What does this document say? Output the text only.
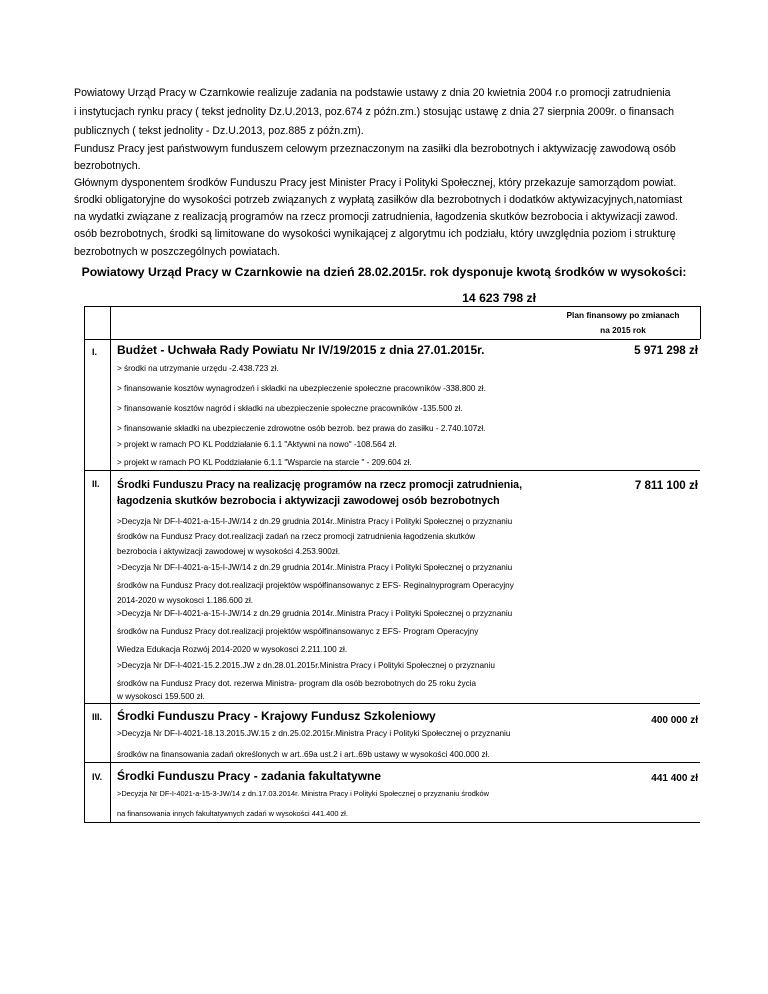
Powiatowy Urząd Pracy w Czarnkowie realizuje zadania na podstawie ustawy z dnia 20 kwietnia 2004 r.o promocji zatrudnienia

i instytucjach rynku pracy ( tekst jednolity Dz.U.2013, poz.674 z późn.zm.) stosując ustawę z dnia 27 sierpnia 2009r. o finansach

publicznych ( tekst jednolity - Dz.U.2013, poz.885 z późn.zm).

Fundusz Pracy jest państwowym funduszem celowym przeznaczonym na zasiłki dla bezrobotnych i aktywizację zawodową osób

bezrobotnych.

Głównym dysponentem środków Funduszu Pracy jest Minister Pracy i Polityki Społecznej, który przekazuje samorządom powiat.

środki obligatoryjne do wysokości potrzeb związanych z wypłatą zasiłków dla bezrobotnych i dodatków aktywizacyjnych,natomiast

na wydatki związane z realizacją programów na rzecz promocji zatrudnienia, łagodzenia skutków bezrobocia i aktywizacji zawod.

osób bezrobotnych, środki są limitowane do wysokości wynikającej z algorytmu ich podziału, który uwzględnia poziom i strukturę

bezrobotnych w poszczególnych powiatach.

Powiatowy Urząd Pracy w Czarnkowie na dzień 28.02.2015r. rok dysponuje kwotą środków w wysokości:
14 623 798 zł
Plan finansowy po zmianach
na 2015 rok
I. Budżet - Uchwała Rady Powiatu Nr IV/19/2015 z dnia 27.01.2015r.	5 971 298 zł
> środki na utrzymanie urzędu -2.438.723 zł.
> finansowanie kosztów wynagrodzeń i składki na ubezpieczenie społeczne pracowników -338.800 zł.
> finansowanie kosztów nagród i składki na ubezpieczenie społeczne pracowników -135.500 zł.
> finansowanie składki na ubezpieczenie zdrowotne osób bezrob. bez prawa do zasiłku - 2.740.107zł.
> projekt w ramach PO KL Poddziałanie 6.1.1 "Aktywni na nowo" -108.564 zł.
> projekt w ramach PO KL Poddziałanie 6.1.1 "Wsparcie na starcie " - 209.604 zł.
II. Środki Funduszu Pracy na realizację programów na rzecz promocji zatrudnienia,
łagodzenia skutków bezrobocia i aktywizacji zawodowej osób bezrobotnych
7 811 100 zł
>Decyzja Nr DF-I-4021-a-15-I-JW/14 z dn.29 grudnia 2014r..Ministra Pracy i Polityki Społecznej o przyznaniu
środków na Fundusz Pracy dot.realizacji zadań na rzecz promocji zatrudnienia łagodzenia skutków
bezrobocia i aktywizacji zawodowej w wysokości 4.253.900zł.
>Decyzja Nr DF-I-4021-a-15-I-JW/14 z dn.29 grudnia 2014r..Ministra Pracy i Polityki Społecznej o przyznaniu
środków na Fundusz Pracy dot.realizacji projektów współfinansowanyc z EFS- Reginalnyprogram Operacyjny
2014-2020 w wysokosci 1.186.600 zł.
>Decyzja Nr DF-I-4021-a-15-I-JW/14 z dn.29 grudnia 2014r..Ministra Pracy i Polityki Społecznej o przyznaniu
środków na Fundusz Pracy dot.realizacji projektów współfinansowanyc z EFS- Program Operacyjny
Wiedza Edukacja Rozwój 2014-2020 w wysokosci 2.211.100 zł.
>Decyzja Nr DF-I-4021-15.2.2015.JW z dn.28.01.2015r.Ministra Pracy i Polityki Społecznej o przyznaniu
środków na Fundusz Pracy dot. rezerwa Ministra- program dla osób bezrobotnych do 25 roku życia
w wysokosci 159.500 zł.
III. Środki Funduszu Pracy - Krajowy Fundusz Szkoleniowy	400 000 zł
>Decyzja Nr DF-I-4021-18.13.2015.JW.15 z dn.25.02.2015r.Ministra Pracy i Polityki Społecznej o przyznaniu
środków na finansowania zadań określonych w art..69a ust.2 i art..69b ustawy w wysokości 400.000 zł.
IV. Środki Funduszu Pracy - zadania fakultatywne	441 400 zł
>Decyzja Nr DF-I-4021-a-15-3-JW/14 z dn.17.03.2014r. Ministra Pracy i Polityki Społecznej o przyznaniu środków
na finansowania innych fakultatywnych zadań w wysokości 441.400 zł.
